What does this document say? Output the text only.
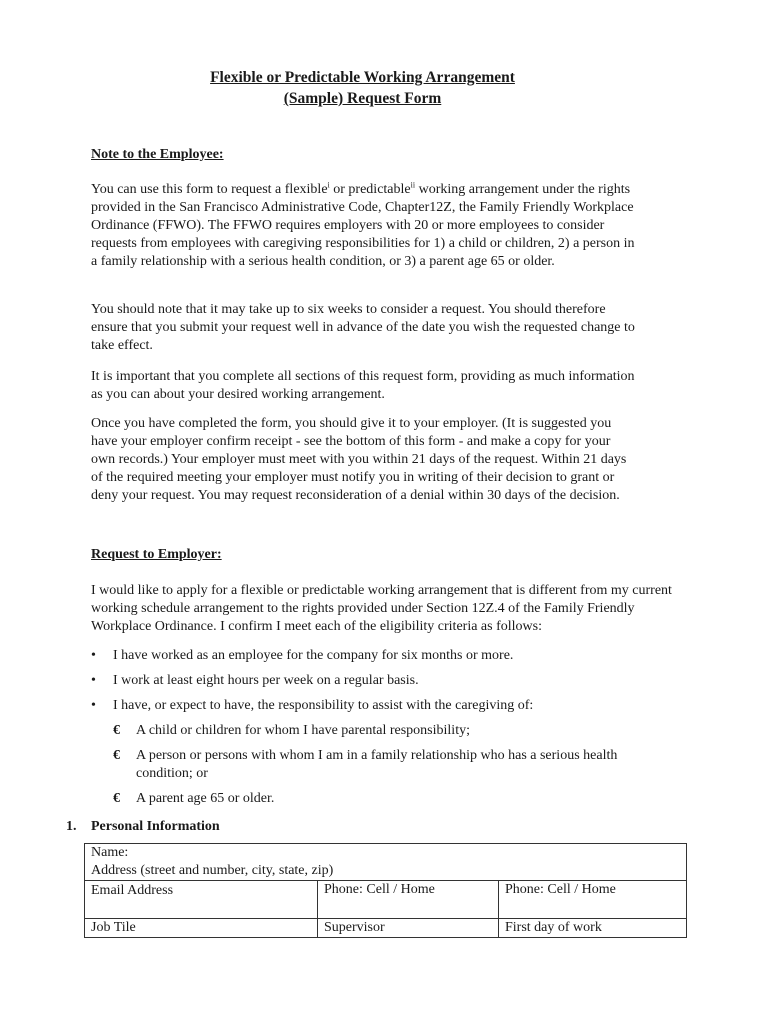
Flexible or Predictable Working Arrangement
(Sample) Request Form
Note to the Employee:
You can use this form to request a flexible$^i$ or predictable$^{ii}$ working arrangement under the rights provided in the San Francisco Administrative Code, Chapter12Z, the Family Friendly Workplace Ordinance (FFWO). The FFWO requires employers with 20 or more employees to consider requests from employees with caregiving responsibilities for 1) a child or children, 2) a person in a family relationship with a serious health condition, or 3) a parent age 65 or older.
You should note that it may take up to six weeks to consider a request. You should therefore ensure that you submit your request well in advance of the date you wish the requested change to take effect.
It is important that you complete all sections of this request form, providing as much information as you can about your desired working arrangement.
Once you have completed the form, you should give it to your employer. (It is suggested you have your employer confirm receipt - see the bottom of this form - and make a copy for your own records.) Your employer must meet with you within 21 days of the request. Within 21 days of the required meeting your employer must notify you in writing of their decision to grant or deny your request. You may request reconsideration of a denial within 30 days of the decision.
Request to Employer:
I would like to apply for a flexible or predictable working arrangement that is different from my current working schedule arrangement to the rights provided under Section 12Z.4 of the Family Friendly Workplace Ordinance. I confirm I meet each of the eligibility criteria as follows:
• I have worked as an employee for the company for six months or more.
• I work at least eight hours per week on a regular basis.
• I have, or expect to have, the responsibility to assist with the caregiving of:
€ A child or children for whom I have parental responsibility;
€ A person or persons with whom I am in a family relationship who has a serious health condition; or
€ A parent age 65 or older.
1. Personal Information
Name:
Address (street and number, city, state, zip)		

Email Address	Phone: Cell / Home	Phone: Cell / Home
Job Tile	Supervisor	First day of work
